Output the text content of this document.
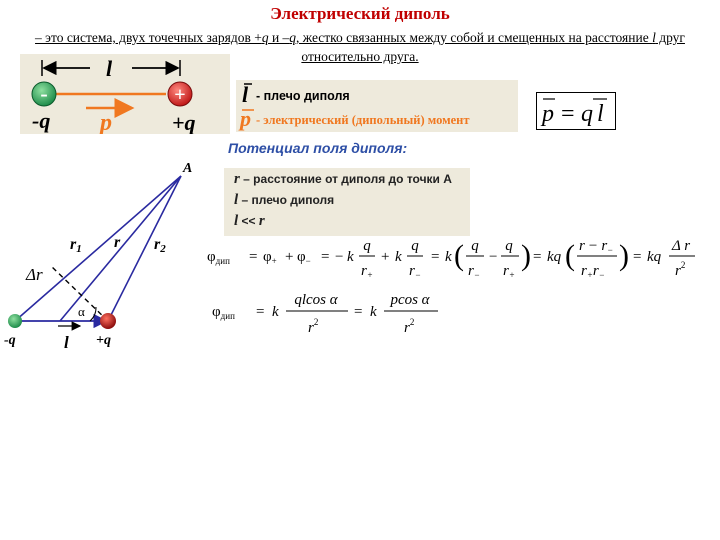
Электрический диполь
– это система, двух точечных зарядов +q и –q, жестко связанных между собой и смещенных на расстояние l друг относительно друга.
l
-	+
-q	+q
p
l - плечо диполя
p - электрический (дипольный) момент	p = q l
Потенциал поля диполя:
r – расстояние от диполя до точки A
l – плечо диполя
l << r
A
r1 r r2
Δr
α
-q	+q
l
$\varphi_{дип} = \varphi_+ + \varphi_-$ = − k
q
$r_+$
+ k
q
$r_-$
= k ( q
$r_-$
−
q
$r_+$
) = kq ( $r - r_-$
$r_+r_-$
) = kq
Δ r
$r^2$
$\varphi_{дип} = k$
qlcos α
$r^2$
= k
pcos α
$r^2$
